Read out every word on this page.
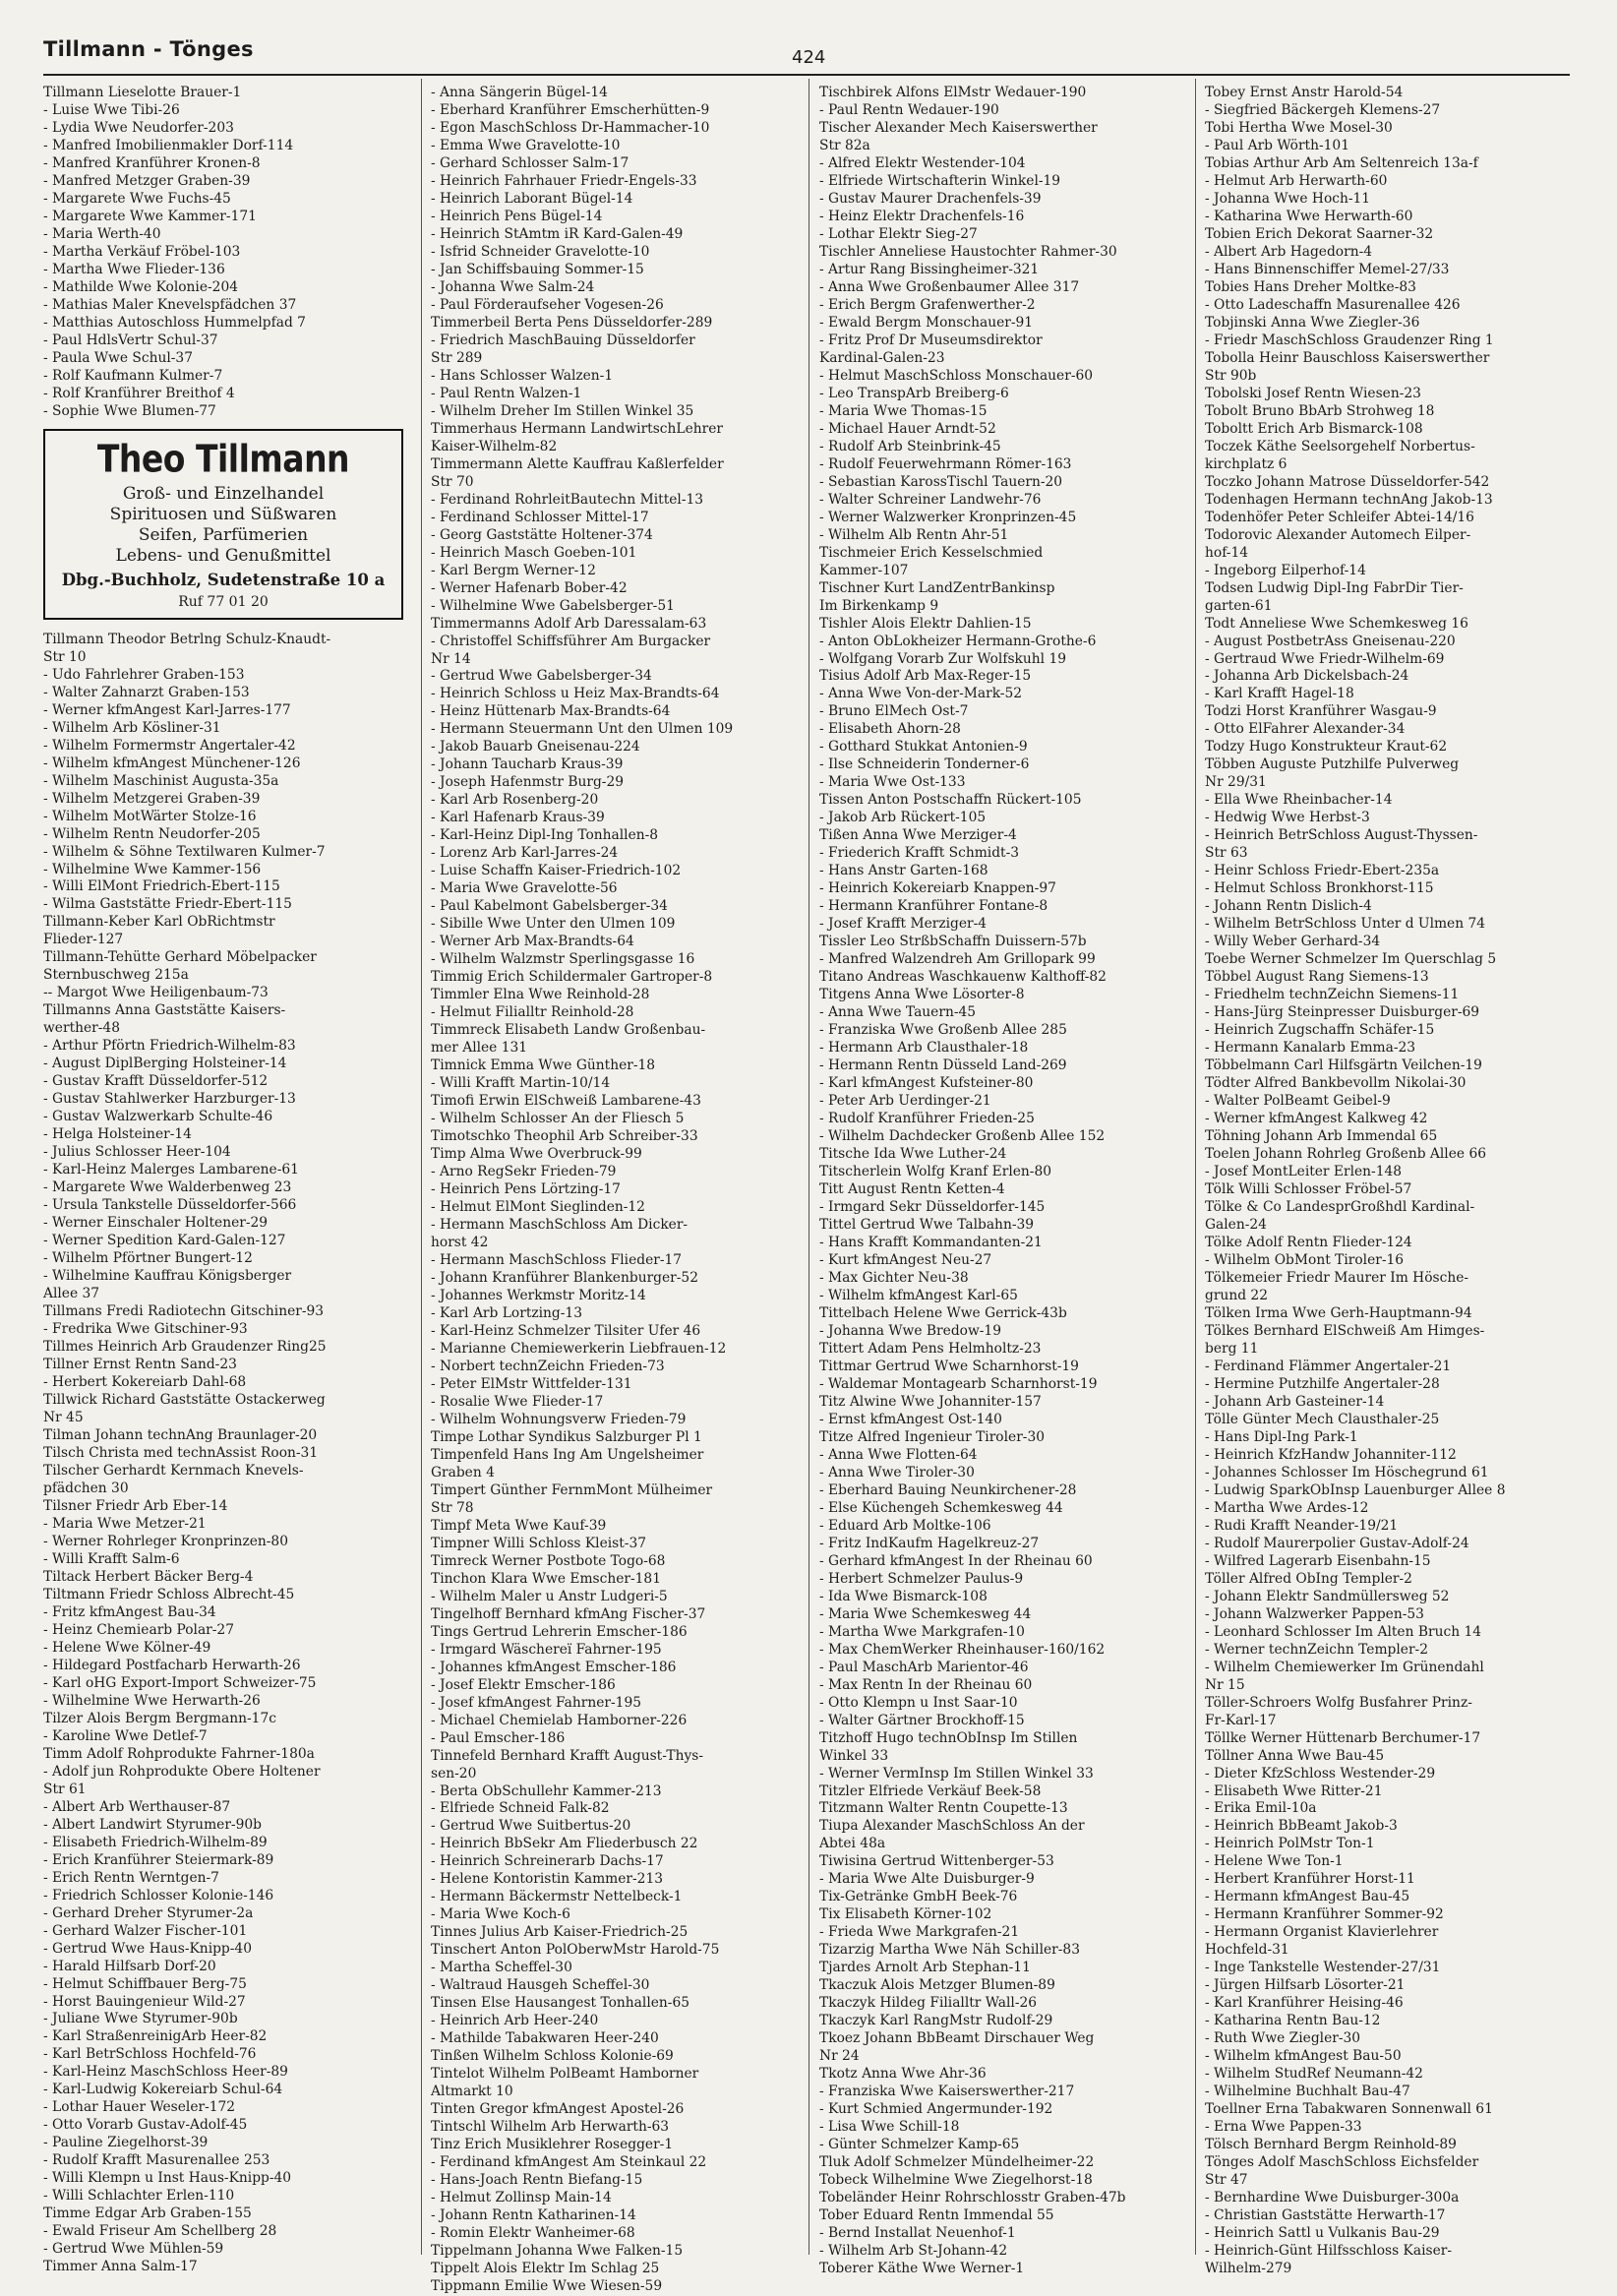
Tillmann - Tönges	424
Tillmann Lieselotte Brauer-1
- Luise Wwe Tibi-26
- Lydia Wwe Neudorfer-203
- Manfred Imobilienmakler Dorf-114
- Manfred Kranführer Kronen-8
- Manfred Metzger Graben-39
- Margarete Wwe Fuchs-45
- Margarete Wwe Kammer-171
- Maria Werth-40
- Martha Verkäuf Fröbel-103
- Martha Wwe Flieder-136
- Mathilde Wwe Kolonie-204
- Mathias Maler Knevelspfädchen 37
- Matthias Autoschloss Hummelpfad 7
- Paul HdlsVertr Schul-37
- Paula Wwe Schul-37
- Rolf Kaufmann Kulmer-7
- Rolf Kranführer Breithof 4
- Sophie Wwe Blumen-77
Theo Tillmann
Groß- und Einzelhandel
Spirituosen und Süßwaren
Seifen, Parfümerien
Lebens- und Genußmittel
Dbg.-Buchholz, Sudetenstraße 10 a
Ruf 77 01 20
Tillmann Theodor Betrlng Schulz-Knaudt-
Str 10
- Udo Fahrlehrer Graben-153
- Walter Zahnarzt Graben-153
- Werner kfmAngest Karl-Jarres-177
- Wilhelm Arb Kösliner-31
- Wilhelm Formermstr Angertaler-42
- Wilhelm kfmAngest Münchener-126
- Wilhelm Maschinist Augusta-35a
- Wilhelm Metzgerei Graben-39
- Wilhelm MotWärter Stolze-16
- Wilhelm Rentn Neudorfer-205
- Wilhelm & Söhne Textilwaren Kulmer-7
- Wilhelmine Wwe Kammer-156
- Willi ElMont Friedrich-Ebert-115
- Wilma Gaststätte Friedr-Ebert-115
Tillmann-Keber Karl ObRichtmstr
Flieder-127
Tillmann-Tehütte Gerhard Möbelpacker
Sternbuschweg 215a
-- Margot Wwe Heiligenbaum-73
Tillmanns Anna Gaststätte Kaisers-
werther-48
- Arthur Pförtn Friedrich-Wilhelm-83
- August DiplBerging Holsteiner-14
- Gustav Krafft Düsseldorfer-512
- Gustav Stahlwerker Harzburger-13
- Gustav Walzwerkarb Schulte-46
- Helga Holsteiner-14
- Julius Schlosser Heer-104
- Karl-Heinz Malerges Lambarene-61
- Margarete Wwe Walderbenweg 23
- Ursula Tankstelle Düsseldorfer-566
- Werner Einschaler Holtener-29
- Werner Spedition Kard-Galen-127
- Wilhelm Pförtner Bungert-12
- Wilhelmine Kauffrau Königsberger
Allee 37
Tillmans Fredi Radiotechn Gitschiner-93
- Fredrika Wwe Gitschiner-93
Tillmes Heinrich Arb Graudenzer Ring25
Tillner Ernst Rentn Sand-23
- Herbert Kokereiarb Dahl-68
Tillwick Richard Gaststätte Ostackerweg
Nr 45
Tilman Johann technAng Braunlager-20
Tilsch Christa med technAssist Roon-31
Tilscher Gerhardt Kernmach Knevels-
pfädchen 30
Tilsner Friedr Arb Eber-14
- Maria Wwe Metzer-21
- Werner Rohrleger Kronprinzen-80
- Willi Krafft Salm-6
Tiltack Herbert Bäcker Berg-4
Tiltmann Friedr Schloss Albrecht-45
- Fritz kfmAngest Bau-34
- Heinz Chemiearb Polar-27
- Helene Wwe Kölner-49
- Hildegard Postfacharb Herwarth-26
- Karl oHG Export-Import Schweizer-75
- Wilhelmine Wwe Herwarth-26
Tilzer Alois Bergm Bergmann-17c
- Karoline Wwe Detlef-7
Timm Adolf Rohprodukte Fahrner-180a
- Adolf jun Rohprodukte Obere Holtener
Str 61
- Albert Arb Werthauser-87
- Albert Landwirt Styrumer-90b
- Elisabeth Friedrich-Wilhelm-89
- Erich Kranführer Steiermark-89
- Erich Rentn Werntgen-7
- Friedrich Schlosser Kolonie-146
- Gerhard Dreher Styrumer-2a
- Gerhard Walzer Fischer-101
- Gertrud Wwe Haus-Knipp-40
- Harald Hilfsarb Dorf-20
- Helmut Schiffbauer Berg-75
- Horst Bauingenieur Wild-27
- Juliane Wwe Styrumer-90b
- Karl StraßenreinigArb Heer-82
- Karl BetrSchloss Hochfeld-76
- Karl-Heinz MaschSchloss Heer-89
- Karl-Ludwig Kokereiarb Schul-64
- Lothar Hauer Weseler-172
- Otto Vorarb Gustav-Adolf-45
- Pauline Ziegelhorst-39
- Rudolf Krafft Masurenallee 253
- Willi Klempn u Inst Haus-Knipp-40
- Willi Schlachter Erlen-110
Timme Edgar Arb Graben-155
- Ewald Friseur Am Schellberg 28
- Gertrud Wwe Mühlen-59
Timmer Anna Salm-17
- Anna Sängerin Bügel-14
- Eberhard Kranführer Emscherhütten-9
- Egon MaschSchloss Dr-Hammacher-10
- Emma Wwe Gravelotte-10
- Gerhard Schlosser Salm-17
- Heinrich Fahrhauer Friedr-Engels-33
- Heinrich Laborant Bügel-14
- Heinrich Pens Bügel-14
- Heinrich StAmtm iR Kard-Galen-49
- Isfrid Schneider Gravelotte-10
- Jan Schiffsbauing Sommer-15
- Johanna Wwe Salm-24
- Paul Förderaufseher Vogesen-26
Timmerbeil Berta Pens Düsseldorfer-289
- Friedrich MaschBauing Düsseldorfer
Str 289
- Hans Schlosser Walzen-1
- Paul Rentn Walzen-1
- Wilhelm Dreher Im Stillen Winkel 35
Timmerhaus Hermann LandwirtschLehrer
Kaiser-Wilhelm-82
Timmermann Alette Kauffrau Kaßlerfelder
Str 70
- Ferdinand RohrleitBautechn Mittel-13
- Ferdinand Schlosser Mittel-17
- Georg Gaststätte Holtener-374
- Heinrich Masch Goeben-101
- Karl Bergm Werner-12
- Werner Hafenarb Bober-42
- Wilhelmine Wwe Gabelsberger-51
Timmermanns Adolf Arb Daressalam-63
- Christoffel Schiffsführer Am Burgacker
Nr 14
- Gertrud Wwe Gabelsberger-34
- Heinrich Schloss u Heiz Max-Brandts-64
- Heinz Hüttenarb Max-Brandts-64
- Hermann Steuermann Unt den Ulmen 109
- Jakob Bauarb Gneisenau-224
- Johann Taucharb Kraus-39
- Joseph Hafenmstr Burg-29
- Karl Arb Rosenberg-20
- Karl Hafenarb Kraus-39
- Karl-Heinz Dipl-Ing Tonhallen-8
- Lorenz Arb Karl-Jarres-24
- Luise Schaffn Kaiser-Friedrich-102
- Maria Wwe Gravelotte-56
- Paul Kabelmont Gabelsberger-34
- Sibille Wwe Unter den Ulmen 109
- Werner Arb Max-Brandts-64
- Wilhelm Walzmstr Sperlingsgasse 16
Timmig Erich Schildermaler Gartroper-8
Timmler Elna Wwe Reinhold-28
- Helmut Filialltr Reinhold-28
Timmreck Elisabeth Landw Großenbau-
mer Allee 131
Timnick Emma Wwe Günther-18
- Willi Krafft Martin-10/14
Timofi Erwin ElSchweiß Lambarene-43
- Wilhelm Schlosser An der Fliesch 5
Timotschko Theophil Arb Schreiber-33
Timp Alma Wwe Overbruck-99
- Arno RegSekr Frieden-79
- Heinrich Pens Lörtzing-17
- Helmut ElMont Sieglinden-12
- Hermann MaschSchloss Am Dicker-
horst 42
- Hermann MaschSchloss Flieder-17
- Johann Kranführer Blankenburger-52
- Johannes Werkmstr Moritz-14
- Karl Arb Lortzing-13
- Karl-Heinz Schmelzer Tilsiter Ufer 46
- Marianne Chemiewerkerin Liebfrauen-12
- Norbert technZeichn Frieden-73
- Peter ElMstr Wittfelder-131
- Rosalie Wwe Flieder-17
- Wilhelm Wohnungsverw Frieden-79
Timpe Lothar Syndikus Salzburger Pl 1
Timpenfeld Hans Ing Am Ungelsheimer
Graben 4
Timpert Günther FernmMont Mülheimer
Str 78
Timpf Meta Wwe Kauf-39
Timpner Willi Schloss Kleist-37
Timreck Werner Postbote Togo-68
Tinchon Klara Wwe Emscher-181
- Wilhelm Maler u Anstr Ludgeri-5
Tingelhoff Bernhard kfmAng Fischer-37
Tings Gertrud Lehrerin Emscher-186
- Irmgard Wäschereï Fahrner-195
- Johannes kfmAngest Emscher-186
- Josef Elektr Emscher-186
- Josef kfmAngest Fahrner-195
- Michael Chemielab Hamborner-226
- Paul Emscher-186
Tinnefeld Bernhard Krafft August-Thys-
sen-20
- Berta ObSchullehr Kammer-213
- Elfriede Schneid Falk-82
- Gertrud Wwe Suitbertus-20
- Heinrich BbSekr Am Fliederbusch 22
- Heinrich Schreinerarb Dachs-17
- Helene Kontoristin Kammer-213
- Hermann Bäckermstr Nettelbeck-1
- Maria Wwe Koch-6
Tinnes Julius Arb Kaiser-Friedrich-25
Tinschert Anton PolOberwMstr Harold-75
- Martha Scheffel-30
- Waltraud Hausgeh Scheffel-30
Tinsen Else Hausangest Tonhallen-65
- Heinrich Arb Heer-240
- Mathilde Tabakwaren Heer-240
Tinßen Wilhelm Schloss Kolonie-69
Tintelot Wilhelm PolBeamt Hamborner
Altmarkt 10
Tinten Gregor kfmAngest Apostel-26
Tintschl Wilhelm Arb Herwarth-63
Tinz Erich Musiklehrer Rosegger-1
- Ferdinand kfmAngest Am Steinkaul 22
- Hans-Joach Rentn Biefang-15
- Helmut Zollinsp Main-14
- Johann Rentn Katharinen-14
- Romin Elektr Wanheimer-68
Tippelmann Johanna Wwe Falken-15
Tippelt Alois Elektr Im Schlag 25
Tippmann Emilie Wwe Wiesen-59
Tischbirek Alfons ElMstr Wedauer-190
- Paul Rentn Wedauer-190
Tischer Alexander Mech Kaiserswerther
Str 82a
- Alfred Elektr Westender-104
- Elfriede Wirtschafterin Winkel-19
- Gustav Maurer Drachenfels-39
- Heinz Elektr Drachenfels-16
- Lothar Elektr Sieg-27
Tischler Anneliese Haustochter Rahmer-30
- Artur Rang Bissingheimer-321
- Anna Wwe Großenbaumer Allee 317
- Erich Bergm Grafenwerther-2
- Ewald Bergm Monschauer-91
- Fritz Prof Dr Museumsdirektor
Kardinal-Galen-23
- Helmut MaschSchloss Monschauer-60
- Leo TranspArb Breiberg-6
- Maria Wwe Thomas-15
- Michael Hauer Arndt-52
- Rudolf Arb Steinbrink-45
- Rudolf Feuerwehrmann Römer-163
- Sebastian KarossTischl Tauern-20
- Walter Schreiner Landwehr-76
- Werner Walzwerker Kronprinzen-45
- Wilhelm Alb Rentn Ahr-51
Tischmeier Erich Kesselschmied
Kammer-107
Tischner Kurt LandZentrBankinsp
Im Birkenkamp 9
Tishler Alois Elektr Dahlien-15
- Anton ObLokheizer Hermann-Grothe-6
- Wolfgang Vorarb Zur Wolfskuhl 19
Tisius Adolf Arb Max-Reger-15
- Anna Wwe Von-der-Mark-52
- Bruno ElMech Ost-7
- Elisabeth Ahorn-28
- Gotthard Stukkat Antonien-9
- Ilse Schneiderin Tonderner-6
- Maria Wwe Ost-133
Tissen Anton Postschaffn Rückert-105
- Jakob Arb Rückert-105
Tißen Anna Wwe Merziger-4
- Friederich Krafft Schmidt-3
- Hans Anstr Garten-168
- Heinrich Kokereiarb Knappen-97
- Hermann Kranführer Fontane-8
- Josef Krafft Merziger-4
Tissler Leo StrßbSchaffn Duissern-57b
- Manfred Walzendreh Am Grillopark 99
Titano Andreas Waschkauenw Kalthoff-82
Titgens Anna Wwe Lösorter-8
- Anna Wwe Tauern-45
- Franziska Wwe Großenb Allee 285
- Hermann Arb Clausthaler-18
- Hermann Rentn Düsseld Land-269
- Karl kfmAngest Kufsteiner-80
- Peter Arb Uerdinger-21
- Rudolf Kranführer Frieden-25
- Wilhelm Dachdecker Großenb Allee 152
Titsche Ida Wwe Luther-24
Titscherlein Wolfg Kranf Erlen-80
Titt August Rentn Ketten-4
- Irmgard Sekr Düsseldorfer-145
Tittel Gertrud Wwe Talbahn-39
- Hans Krafft Kommandanten-21
- Kurt kfmAngest Neu-27
- Max Gichter Neu-38
- Wilhelm kfmAngest Karl-65
Tittelbach Helene Wwe Gerrick-43b
- Johanna Wwe Bredow-19
Tittert Adam Pens Helmholtz-23
Tittmar Gertrud Wwe Scharnhorst-19
- Waldemar Montagearb Scharnhorst-19
Titz Alwine Wwe Johanniter-157
- Ernst kfmAngest Ost-140
Titze Alfred Ingenieur Tiroler-30
- Anna Wwe Flotten-64
- Anna Wwe Tiroler-30
- Eberhard Bauing Neunkirchener-28
- Else Küchengeh Schemkesweg 44
- Eduard Arb Moltke-106
- Fritz IndKaufm Hagelkreuz-27
- Gerhard kfmAngest In der Rheinau 60
- Herbert Schmelzer Paulus-9
- Ida Wwe Bismarck-108
- Maria Wwe Schemkesweg 44
- Martha Wwe Markgrafen-10
- Max ChemWerker Rheinhauser-160/162
- Paul MaschArb Marientor-46
- Max Rentn In der Rheinau 60
- Otto Klempn u Inst Saar-10
- Walter Gärtner Brockhoff-15
Titzhoff Hugo technObInsp Im Stillen
Winkel 33
- Werner VermInsp Im Stillen Winkel 33
Titzler Elfriede Verkäuf Beek-58
Titzmann Walter Rentn Coupette-13
Tiupa Alexander MaschSchloss An der
Abtei 48a
Tiwisina Gertrud Wittenberger-53
- Maria Wwe Alte Duisburger-9
Tix-Getränke GmbH Beek-76
Tix Elisabeth Körner-102
- Frieda Wwe Markgrafen-21
Tizarzig Martha Wwe Näh Schiller-83
Tjardes Arnolt Arb Stephan-11
Tkaczuk Alois Metzger Blumen-89
Tkaczyk Hildeg Filialltr Wall-26
Tkaczyk Karl RangMstr Rudolf-29
Tkoez Johann BbBeamt Dirschauer Weg
Nr 24
Tkotz Anna Wwe Ahr-36
- Franziska Wwe Kaiserswerther-217
- Kurt Schmied Angermunder-192
- Lisa Wwe Schill-18
- Günter Schmelzer Kamp-65
Tluk Adolf Schmelzer Mündelheimer-22
Tobeck Wilhelmine Wwe Ziegelhorst-18
Tobeländer Heinr Rohrschlosstr Graben-47b
Tober Eduard Rentn Immendal 55
- Bernd Installat Neuenhof-1
- Wilhelm Arb St-Johann-42
Toberer Käthe Wwe Werner-1
Tobey Ernst Anstr Harold-54
- Siegfried Bäckergeh Klemens-27
Tobi Hertha Wwe Mosel-30
- Paul Arb Wörth-101
Tobias Arthur Arb Am Seltenreich 13a-f
- Helmut Arb Herwarth-60
- Johanna Wwe Hoch-11
- Katharina Wwe Herwarth-60
Tobien Erich Dekorat Saarner-32
- Albert Arb Hagedorn-4
- Hans Binnenschiffer Memel-27/33
Tobies Hans Dreher Moltke-83
- Otto Ladeschaffn Masurenallee 426
Tobjinski Anna Wwe Ziegler-36
- Friedr MaschSchloss Graudenzer Ring 1
Tobolla Heinr Bauschloss Kaiserswerther
Str 90b
Tobolski Josef Rentn Wiesen-23
Tobolt Bruno BbArb Strohweg 18
Toboltt Erich Arb Bismarck-108
Toczek Käthe Seelsorgehelf Norbertus-
kirchplatz 6
Toczko Johann Matrose Düsseldorfer-542
Todenhagen Hermann technAng Jakob-13
Todenhöfer Peter Schleifer Abtei-14/16
Todorovic Alexander Automech Eilper-
hof-14
- Ingeborg Eilperhof-14
Todsen Ludwig Dipl-Ing FabrDir Tier-
garten-61
Todt Anneliese Wwe Schemkesweg 16
- August PostbetrAss Gneisenau-220
- Gertraud Wwe Friedr-Wilhelm-69
- Johanna Arb Dickelsbach-24
- Karl Krafft Hagel-18
Todzi Horst Kranführer Wasgau-9
- Otto ElFahrer Alexander-34
Todzy Hugo Konstrukteur Kraut-62
Többen Auguste Putzhilfe Pulverweg
Nr 29/31
- Ella Wwe Rheinbacher-14
- Hedwig Wwe Herbst-3
- Heinrich BetrSchloss August-Thyssen-
Str 63
- Heinr Schloss Friedr-Ebert-235a
- Helmut Schloss Bronkhorst-115
- Johann Rentn Dislich-4
- Wilhelm BetrSchloss Unter d Ulmen 74
- Willy Weber Gerhard-34
Toebe Werner Schmelzer Im Querschlag 5
Többel August Rang Siemens-13
- Friedhelm technZeichn Siemens-11
- Hans-Jürg Steinpresser Duisburger-69
- Heinrich Zugschaffn Schäfer-15
- Hermann Kanalarb Emma-23
Többelmann Carl Hilfsgärtn Veilchen-19
Tödter Alfred Bankbevollm Nikolai-30
- Walter PolBeamt Geibel-9
- Werner kfmAngest Kalkweg 42
Töhning Johann Arb Immendal 65
Toelen Johann Rohrleg Großenb Allee 66
- Josef MontLeiter Erlen-148
Tölk Willi Schlosser Fröbel-57
Tölke & Co LandesprGroßhdl Kardinal-
Galen-24
Tölke Adolf Rentn Flieder-124
- Wilhelm ObMont Tiroler-16
Tölkemeier Friedr Maurer Im Hösche-
grund 22
Tölken Irma Wwe Gerh-Hauptmann-94
Tölkes Bernhard ElSchweiß Am Himges-
berg 11
- Ferdinand Flämmer Angertaler-21
- Hermine Putzhilfe Angertaler-28
- Johann Arb Gasteiner-14
Tölle Günter Mech Clausthaler-25
- Hans Dipl-Ing Park-1
- Heinrich KfzHandw Johanniter-112
- Johannes Schlosser Im Höschegrund 61
- Ludwig SparkObInsp Lauenburger Allee 8
- Martha Wwe Ardes-12
- Rudi Krafft Neander-19/21
- Rudolf Maurerpolier Gustav-Adolf-24
- Wilfred Lagerarb Eisenbahn-15
Töller Alfred ObIng Templer-2
- Johann Elektr Sandmüllersweg 52
- Johann Walzwerker Pappen-53
- Leonhard Schlosser Im Alten Bruch 14
- Werner technZeichn Templer-2
- Wilhelm Chemiewerker Im Grünendahl
Nr 15
Töller-Schroers Wolfg Busfahrer Prinz-
Fr-Karl-17
Töllke Werner Hüttenarb Berchumer-17
Töllner Anna Wwe Bau-45
- Dieter KfzSchloss Westender-29
- Elisabeth Wwe Ritter-21
- Erika Emil-10a
- Heinrich BbBeamt Jakob-3
- Heinrich PolMstr Ton-1
- Helene Wwe Ton-1
- Herbert Kranführer Horst-11
- Hermann kfmAngest Bau-45
- Hermann Kranführer Sommer-92
- Hermann Organist Klavierlehrer
Hochfeld-31
- Inge Tankstelle Westender-27/31
- Jürgen Hilfsarb Lösorter-21
- Karl Kranführer Heising-46
- Katharina Rentn Bau-12
- Ruth Wwe Ziegler-30
- Wilhelm kfmAngest Bau-50
- Wilhelm StudRef Neumann-42
- Wilhelmine Buchhalt Bau-47
Toellner Erna Tabakwaren Sonnenwall 61
- Erna Wwe Pappen-33
Tölsch Bernhard Bergm Reinhold-89
Tönges Adolf MaschSchloss Eichsfelder
Str 47
- Bernhardine Wwe Duisburger-300a
- Christian Gaststätte Herwarth-17
- Heinrich Sattl u Vulkanis Bau-29
- Heinrich-Günt Hilfsschloss Kaiser-
Wilhelm-279
